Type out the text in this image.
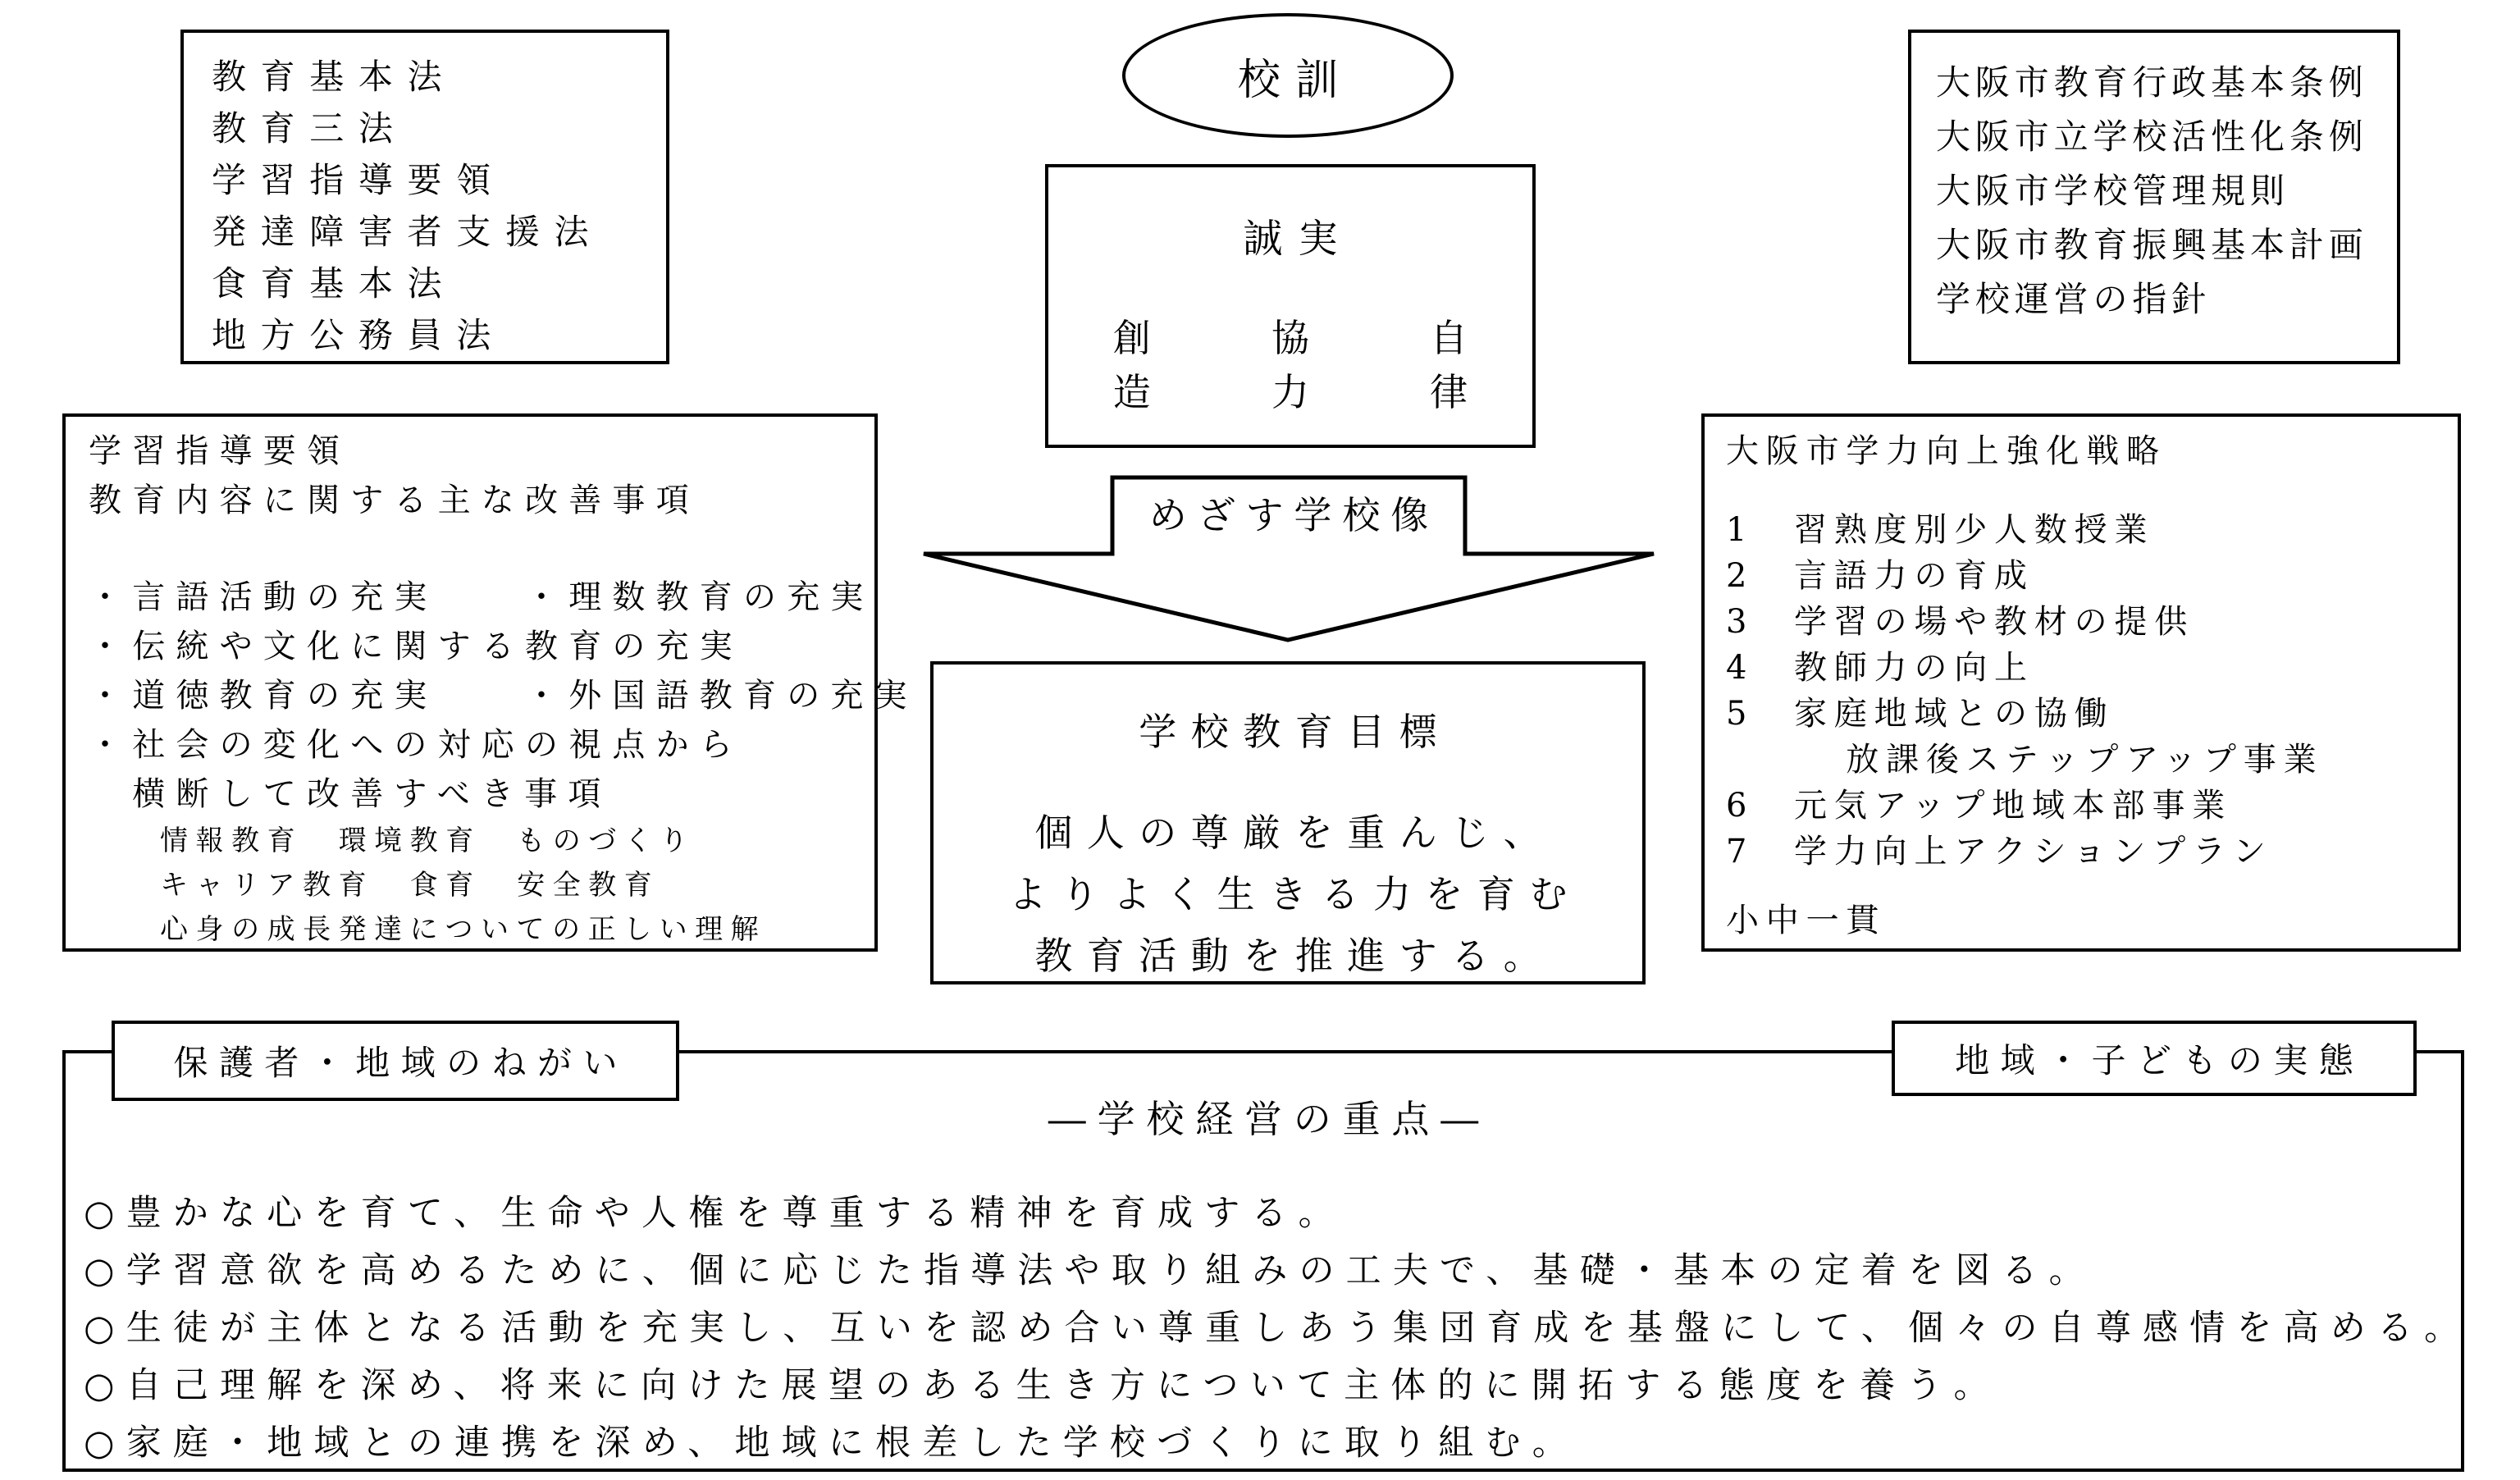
教育基本法
教育三法
学習指導要領
発達障害者支援法
食育基本法
地方公務員法
校訓
誠実
創　　協　　自
造　　力　　律
大阪市教育行政基本条例
大阪市立学校活性化条例
大阪市学校管理規則
大阪市教育振興基本計画
学校運営の指針
学習指導要領
教育内容に関する主な改善事項
・言語活動の充実　　・理数教育の充実
・伝統や文化に関する教育の充実
・道徳教育の充実　　・外国語教育の充実
・社会の変化への対応の視点から
　横断して改善すべき事項
　　情報教育　環境教育　ものづくり
　　キャリア教育　食育　安全教育
　　心身の成長発達についての正しい理解
めざす学校像
学校教育目標
個人の尊厳を重んじ、
よりよく生きる力を育む
教育活動を推進する。
大阪市学力向上強化戦略
1　習熟度別少人数授業
2　言語力の育成
3　学習の場や教材の提供
4　教師力の向上
5　家庭地域との協働
　　　放課後ステップアップ事業
6　元気アップ地域本部事業
7　学力向上アクションプラン
小中一貫
―学校経営の重点―
○豊かな心を育て、生命や人権を尊重する精神を育成する。
○学習意欲を高めるために、個に応じた指導法や取り組みの工夫で、基礎・基本の定着を図る。
○生徒が主体となる活動を充実し、互いを認め合い尊重しあう集団育成を基盤にして、個々の自尊感情を高める。
○自己理解を深め、将来に向けた展望のある生き方について主体的に開拓する態度を養う。
○家庭・地域との連携を深め、地域に根差した学校づくりに取り組む。
保護者・地域のねがい	地域・子どもの実態
